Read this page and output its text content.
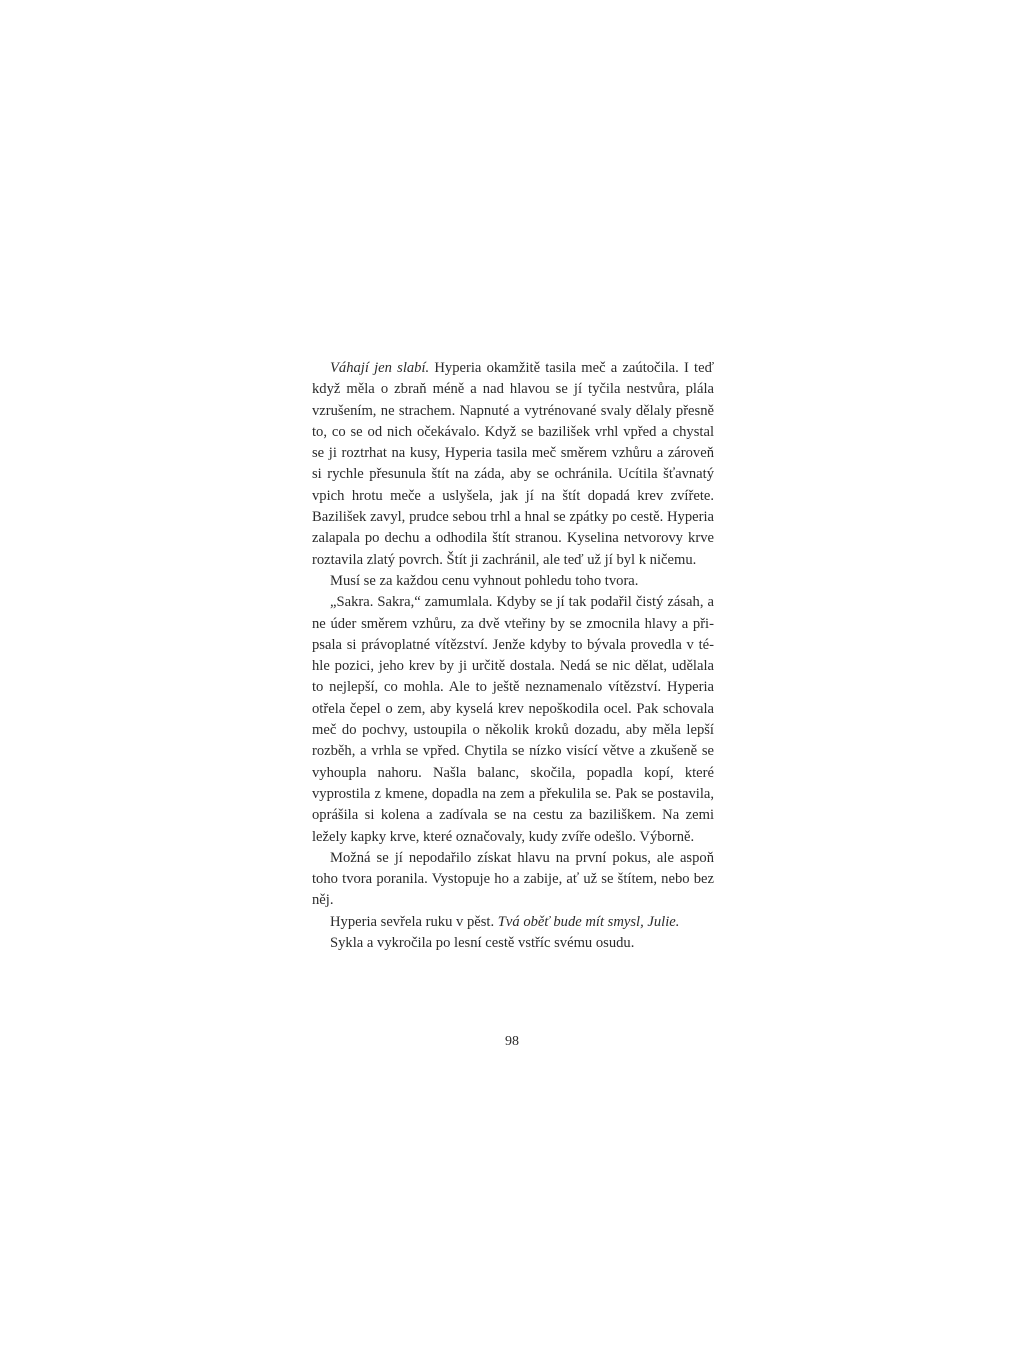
Váhají jen slabí. Hyperia okamžitě tasila meč a zaútočila. I teď když měla o zbraň méně a nad hlavou se jí tyčila nestvůra, plála vzrušením, ne strachem. Napnuté a vytrénované svaly dělaly přesně to, co se od nich očekávalo. Když se bazilišek vrhl vpřed a chystal se ji roztrhat na kusy, Hyperia tasila meč směrem vzhůru a zároveň si rychle přesunula štít na záda, aby se ochránila. Ucítila šťavnatý vpich hrotu meče a uslyšela, jak jí na štít dopadá krev zvířete. Bazilišek zavyl, prudce sebou trhl a hnal se zpátky po cestě. Hyperia zalapala po dechu a odhodila štít stranou. Kyselina netvorovy krve roztavila zlatý povrch. Štít ji zachránil, ale teď už jí byl k ničemu.

Musí se za každou cenu vyhnout pohledu toho tvora.

„Sakra. Sakra,“ zamumlala. Kdyby se jí tak podařil čistý zásah, a ne úder směrem vzhůru, za dvě vteřiny by se zmocnila hlavy a připsala si právoplatné vítězství. Jenže kdyby to bývala provedla v téhle pozici, jeho krev by ji určitě dostala. Nedá se nic dělat, udělala to nejlepší, co mohla. Ale to ještě neznamenalo vítězství. Hyperia otřela čepel o zem, aby kyselá krev nepoškodila ocel. Pak schovala meč do pochvy, ustoupila o několik kroků dozadu, aby měla lepší rozběh, a vrhla se vpřed. Chytila se nízko visící větve a zkušeně se vyhoupla nahoru. Našla balanc, skočila, popadla kopí, které vyprostila z kmene, dopadla na zem a překulila se. Pak se postavila, oprášila si kolena a zadívala se na cestu za baziliškem. Na zemi ležely kapky krve, které označovaly, kudy zvíře odešlo. Výborně.

Možná se jí nepodařilo získat hlavu na první pokus, ale aspoň toho tvora poranila. Vystopuje ho a zabije, ať už se štítem, nebo bez něj.

Hyperia sevřela ruku v pěst. Tvá oběť bude mít smysl, Julie.

Sykla a vykročila po lesní cestě vstříc svému osudu.

98
